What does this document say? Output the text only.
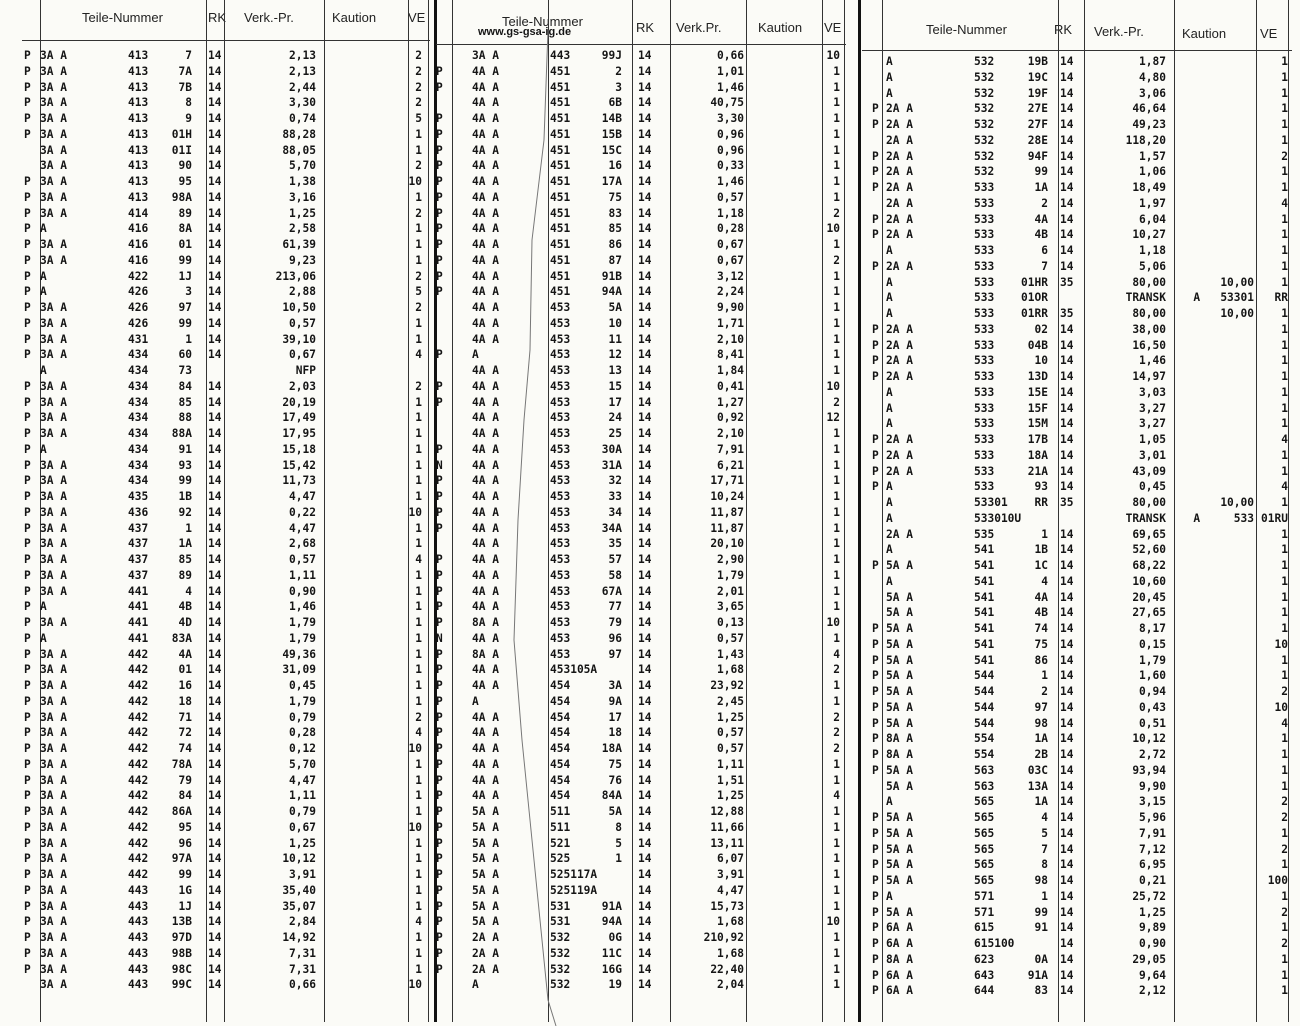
Teile-Nummer	RK Verk.-Pr.	Kaution VE
P 3A A	413	7 14	2,13	2
P 3A A	413	7A 14	2,13	2
P 3A A	413	7B 14	2,44	2
P 3A A	413	8 14	3,30	2
P 3A A	413	9 14	0,74	5
P 3A A	413	01H 14	88,28	1
3A A	413	01I 14	88,05	1
3A A	413	90 14	5,70	2
P 3A A	413	95 14	1,38	10
P 3A A	413	98A 14	3,16	1
P 3A A	414	89 14	1,25	2
P A	416	8A 14	2,58	1
P 3A A	416	01 14	61,39	1
P 3A A	416	99 14	9,23	1
P A	422	1J 14	213,06	2
P A	426	3 14	2,88	5
P 3A A	426	97 14	10,50	2
P 3A A	426	99 14	0,57	1
P 3A A	431	1 14	39,10	1
P 3A A	434	60 14	0,67	4
A	434	73	NFP
P 3A A	434	84 14	2,03	2
P 3A A	434	85 14	20,19	1
P 3A A	434	88 14	17,49	1
P 3A A	434	88A 14	17,95	1
P A	434	91 14	15,18	1
P 3A A	434	93 14	15,42	1
P 3A A	434	99 14	11,73	1
P 3A A	435	1B 14	4,47	1
P 3A A	436	92 14	0,22	10
P 3A A	437	1 14	4,47	1
P 3A A	437	1A 14	2,68	1
P 3A A	437	85 14	0,57	4
P 3A A	437	89 14	1,11	1
P 3A A	441	4 14	0,90	1
P A	441	4B 14	1,46	1
P 3A A	441	4D 14	1,79	1
P A	441	83A 14	1,79	1
P 3A A	442	4A 14	49,36	1
P 3A A	442	01 14	31,09	1
P 3A A	442	16 14	0,45	1
P 3A A	442	18 14	1,79	1
P 3A A	442	71 14	0,79	2
P 3A A	442	72 14	0,28	4
P 3A A	442	74 14	0,12	10
P 3A A	442	78A 14	5,70	1
P 3A A	442	79 14	4,47	1
P 3A A	442	84 14	1,11	1
P 3A A	442	86A 14	0,79	1
P 3A A	442	95 14	0,67	10
P 3A A	442	96 14	1,25	1
P 3A A	442	97A 14	10,12	1
P 3A A	442	99 14	3,91	1
P 3A A	443	1G 14	35,40	1
P 3A A	443	1J 14	35,07	1
P 3A A	443	13B 14	2,84	4
P 3A A	443	97D 14	14,92	1
P 3A A	443	98B 14	7,31	1
P 3A A	443	98C 14	7,31	1
3A A	443	99C 14	0,66	10
Teile-Nummer	RK Verk.Pr.	Kaution VE
www.gs-gsa-ig.de
3A A	443	99J 14	0,66	10
P	4A A	451	2 14	1,01	1
P	4A A	451	3 14	1,46	1
4A A	451	6B 14	40,75	1
P	4A A	451	14B 14	3,30	1
P	4A A	451	15B 14	0,96	1
P	4A A	451	15C 14	0,96	1
P	4A A	451	16 14	0,33	1
P	4A A	451	17A 14	1,46	1
P	4A A	451	75 14	0,57	1
P	4A A	451	83 14	1,18	2
P	4A A	451	85 14	0,28	10
P	4A A	451	86 14	0,67	1
P	4A A	451	87 14	0,67	2
P	4A A	451	91B 14	3,12	1
P	4A A	451	94A 14	2,24	1
4A A	453	5A 14	9,90	1
4A A	453	10 14	1,71	1
4A A	453	11 14	2,10	1
P	A	453	12 14	8,41	1
4A A	453	13 14	1,84	1
P	4A A	453	15 14	0,41	10
P	4A A	453	17 14	1,27	2
4A A	453	24 14	0,92	12
4A A	453	25 14	2,10	1
P	4A A	453	30A 14	7,91	1
N	4A A	453	31A 14	6,21	1
P	4A A	453	32 14	17,71	1
P	4A A	453	33 14	10,24	1
P	4A A	453	34 14	11,87	1
P	4A A	453	34A 14	11,87	1
4A A	453	35 14	20,10	1
P	4A A	453	57 14	2,90	1
P	4A A	453	58 14	1,79	1
P	4A A	453	67A 14	2,01	1
P	4A A	453	77 14	3,65	1
P	8A A	453	79 14	0,13	10
N	4A A	453	96 14	0,57	1
P	8A A	453	97 14	1,43	4
P	4A A	453105A	14	1,68	2
P	4A A	454	3A 14	23,92	1
P	A	454	9A 14	2,45	1
P	4A A	454	17 14	1,25	2
P	4A A	454	18 14	0,57	2
P	4A A	454	18A 14	0,57	2
P	4A A	454	75 14	1,11	1
P	4A A	454	76 14	1,51	1
P	4A A	454	84A 14	1,25	4
P	5A A	511	5A 14	12,88	1
P	5A A	511	8 14	11,66	1
P	5A A	521	5 14	13,11	1
P	5A A	525	1 14	6,07	1
P	5A A	525117A	14	3,91	1
P	5A A	525119A	14	4,47	1
P	5A A	531	91A 14	15,73	1
P	5A A	531	94A 14	1,68	10
P	2A A	532	0G 14	210,92	1
P	2A A	532	11C 14	1,68	1
P	2A A	532	16G 14	22,40	1
A	532	19 14	2,04	1
Teile-Nummer	RK Verk.-Pr.	Kaution	VE
A	532	19B 14	1,87	1
A	532	19C 14	4,80	1
A	532	19F 14	3,06	1
P 2A A	532	27E 14	46,64	1
P 2A A	532	27F 14	49,23	1
2A A	532	28E 14	118,20	1
P 2A A	532	94F 14	1,57	2
P 2A A	532	99 14	1,06	1
P 2A A	533	1A 14	18,49	1
2A A	533	2 14	1,97	4
P 2A A	533	4A 14	6,04	1
P 2A A	533	4B 14	10,27	1
A	533	6 14	1,18	1
P 2A A	533	7 14	5,06	1
A	533	01HR 35	80,00	10,00	1
A	533	01OR	TRANSK	A   53301	RR
A	533	01RR 35	80,00	10,00	1
P 2A A	533	02 14	38,00	1
P 2A A	533	04B 14	16,50	1
P 2A A	533	10 14	1,46	1
P 2A A	533	13D 14	14,97	1
A	533	15E 14	3,03	1
A	533	15F 14	3,27	1
A	533	15M 14	3,27	1
P 2A A	533	17B 14	1,05	4
P 2A A	533	18A 14	3,01	1
P 2A A	533	21A 14	43,09	1
P A	533	93 14	0,45	4
A	53301	RR 35	80,00	10,00	1
A	533010U	TRANSK	A     533 01RU
2A A	535	1 14	69,65	1
A	541	1B 14	52,60	1
P 5A A	541	1C 14	68,22	1
A	541	4 14	10,60	1
5A A	541	4A 14	20,45	1
5A A	541	4B 14	27,65	1
P 5A A	541	74 14	8,17	1
P 5A A	541	75 14	0,15	10
P 5A A	541	86 14	1,79	1
P 5A A	544	1 14	1,60	1
P 5A A	544	2 14	0,94	2
P 5A A	544	97 14	0,43	10
P 5A A	544	98 14	0,51	4
P 8A A	554	1A 14	10,12	1
P 8A A	554	2B 14	2,72	1
P 5A A	563	03C 14	93,94	1
5A A	563	13A 14	9,90	1
A	565	1A 14	3,15	2
P 5A A	565	4 14	5,96	2
P 5A A	565	5 14	7,91	1
P 5A A	565	7 14	7,12	2
P 5A A	565	8 14	6,95	1
P 5A A	565	98 14	0,21	100
P A	571	1 14	25,72	1
P 5A A	571	99 14	1,25	2
P 6A A	615	91 14	9,89	1
P 6A A	615100	14	0,90	2
P 8A A	623	0A 14	29,05	1
P 6A A	643	91A 14	9,64	1
P 6A A	644	83 14	2,12	1
